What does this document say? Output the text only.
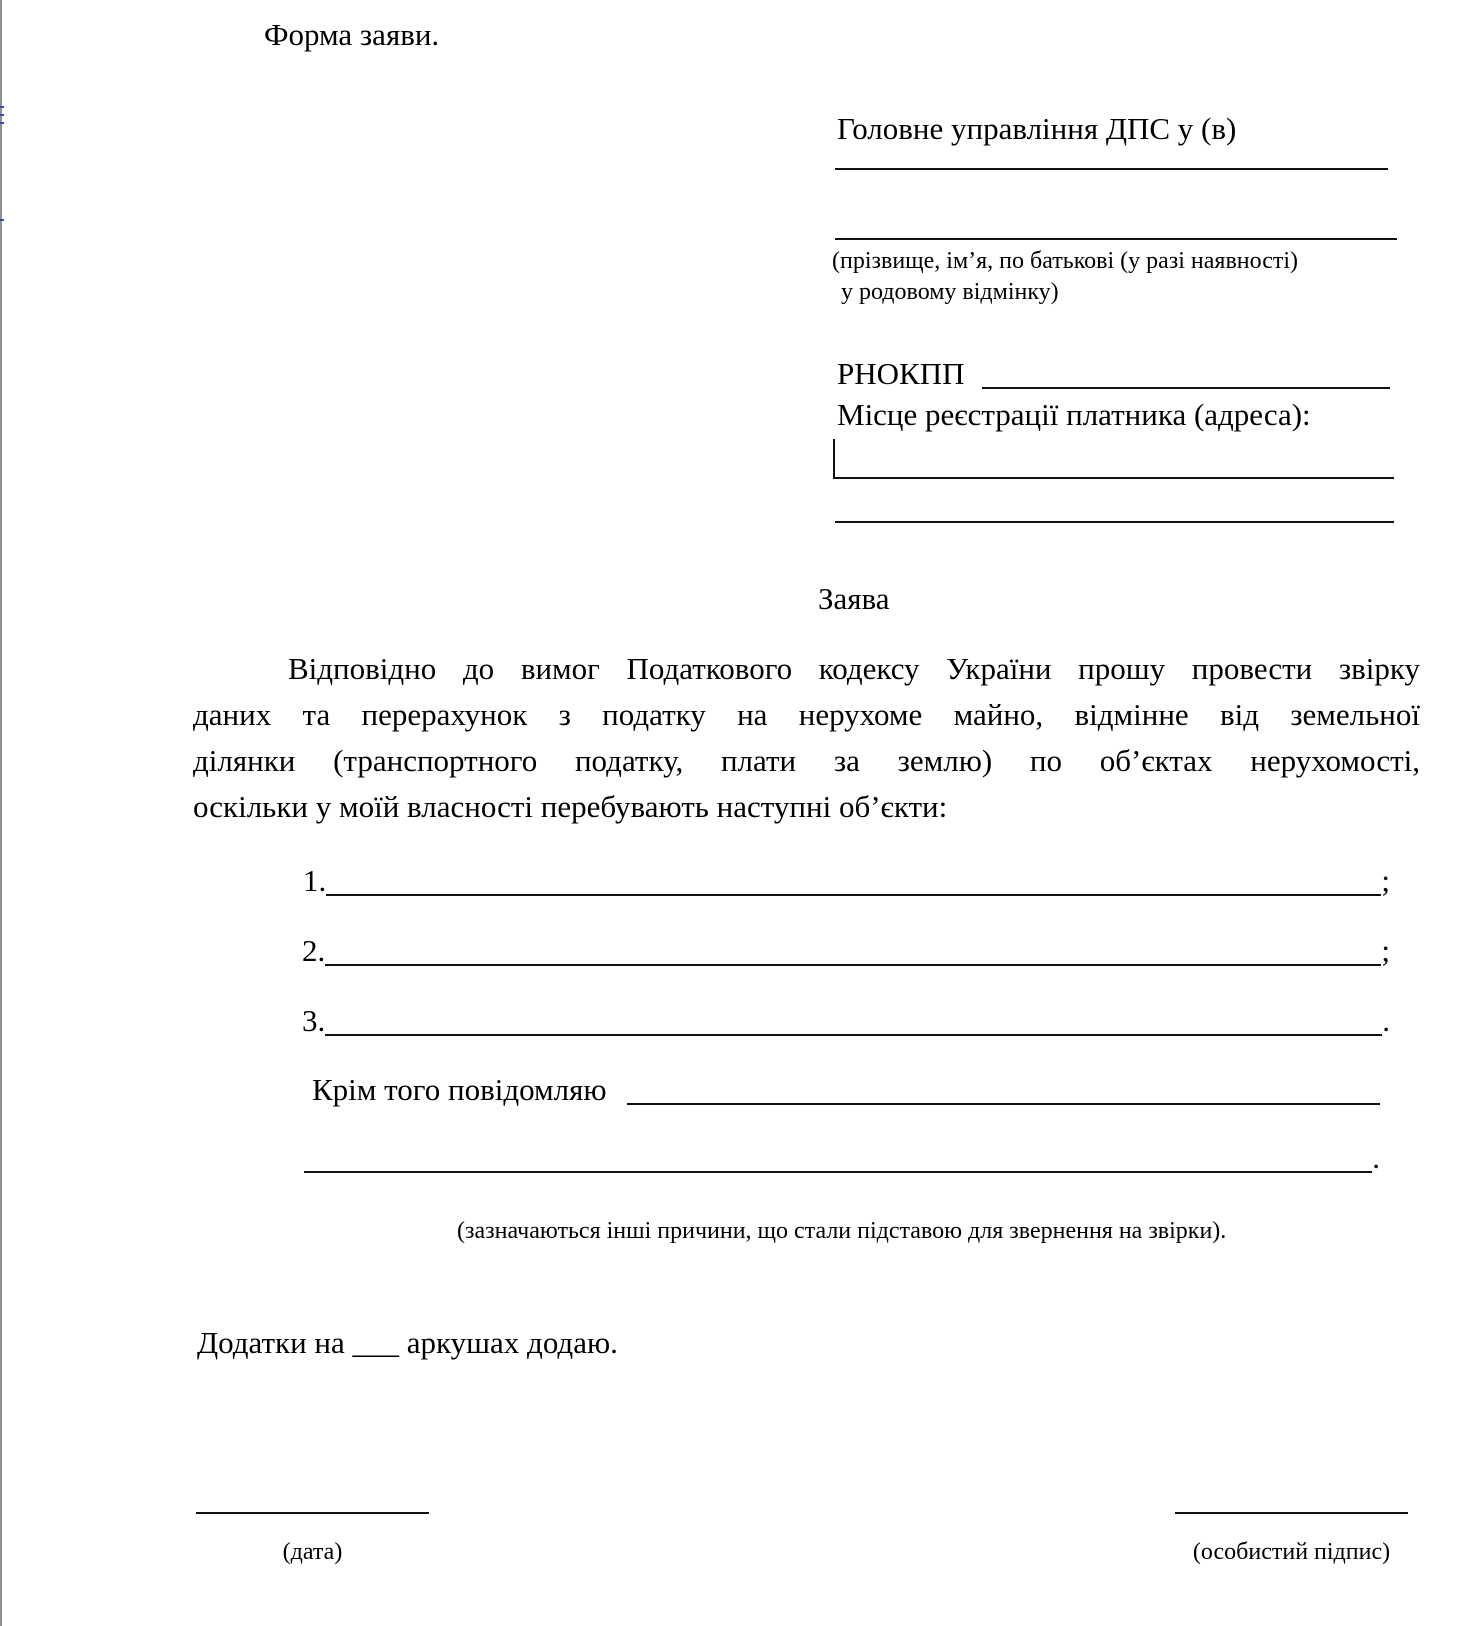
Форма заяви.
Головне управління ДПС у (в)
(прізвище, ім’я, по батькові (у разі наявності)
у родовому відмінку)
РНОКПП
Місце реєстрації платника (адреса):
Заява
Відповідно до вимог Податкового кодексу України прошу провести звірку
даних та перерахунок з податку на нерухоме майно, відмінне від земельної
ділянки (транспортного податку, плати за землю) по об’єктах нерухомості,
оскільки у моїй власності перебувають наступні об’єкти:
1.	;
2.	;
3.	.
Крім того повідомляю
.
(зазначаються інші причини, що стали підставою для звернення на звірки).
Додатки на ___ аркушах додаю.
(дата)	(особистий підпис)
